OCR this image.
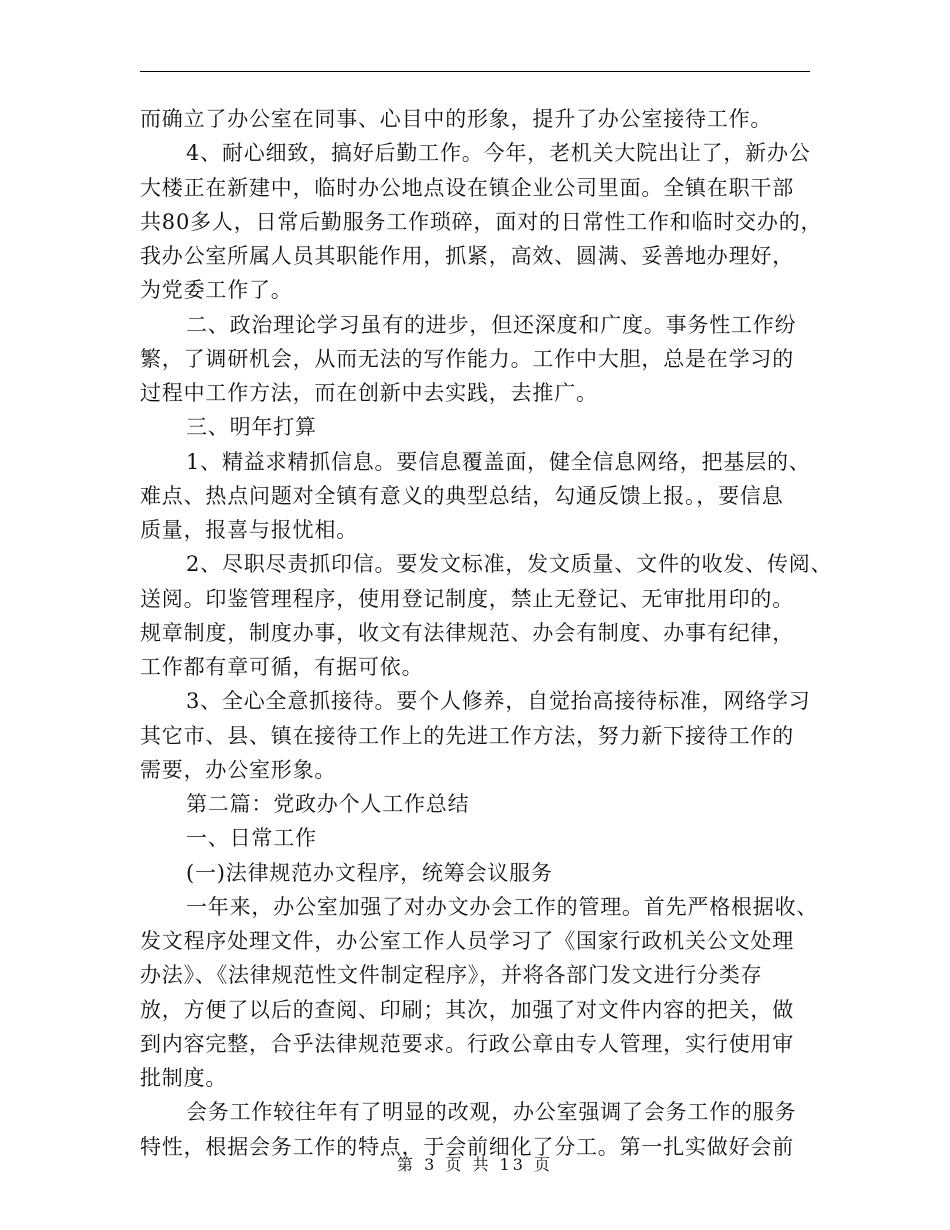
而确立了办公室在同事、心目中的形象，提升了办公室接待工作。
4、耐心细致，搞好后勤工作。今年，老机关大院出让了，新办公
大楼正在新建中，临时办公地点设在镇企业公司里面。全镇在职干部
共80多人，日常后勤服务工作琐碎，面对的日常性工作和临时交办的，
我办公室所属人员其职能作用，抓紧，高效、圆满、妥善地办理好，
为党委工作了。
二、政治理论学习虽有的进步，但还深度和广度。事务性工作纷
繁，了调研机会，从而无法的写作能力。工作中大胆，总是在学习的
过程中工作方法，而在创新中去实践，去推广。
三、明年打算
1、精益求精抓信息。要信息覆盖面，健全信息网络，把基层的、
难点、热点问题对全镇有意义的典型总结，勾通反馈上报。，要信息
质量，报喜与报忧相。
2、尽职尽责抓印信。要发文标准，发文质量、文件的收发、传阅、
送阅。印鉴管理程序，使用登记制度，禁止无登记、无审批用印的。
规章制度，制度办事，收文有法律规范、办会有制度、办事有纪律，
工作都有章可循，有据可依。
3、全心全意抓接待。要个人修养，自觉抬高接待标准，网络学习
其它市、县、镇在接待工作上的先进工作方法，努力新下接待工作的
需要，办公室形象。
第二篇：党政办个人工作总结
一、日常工作
(一)法律规范办文程序，统筹会议服务
一年来，办公室加强了对办文办会工作的管理。首先严格根据收、
发文程序处理文件，办公室工作人员学习了《国家行政机关公文处理
办法》、《法律规范性文件制定程序》，并将各部门发文进行分类存
放，方便了以后的查阅、印刷；其次，加强了对文件内容的把关，做
到内容完整，合乎法律规范要求。行政公章由专人管理，实行使用审
批制度。
会务工作较往年有了明显的改观，办公室强调了会务工作的服务
特性，根据会务工作的特点，于会前细化了分工。第一扎实做好会前
第 3 页 共 13 页
